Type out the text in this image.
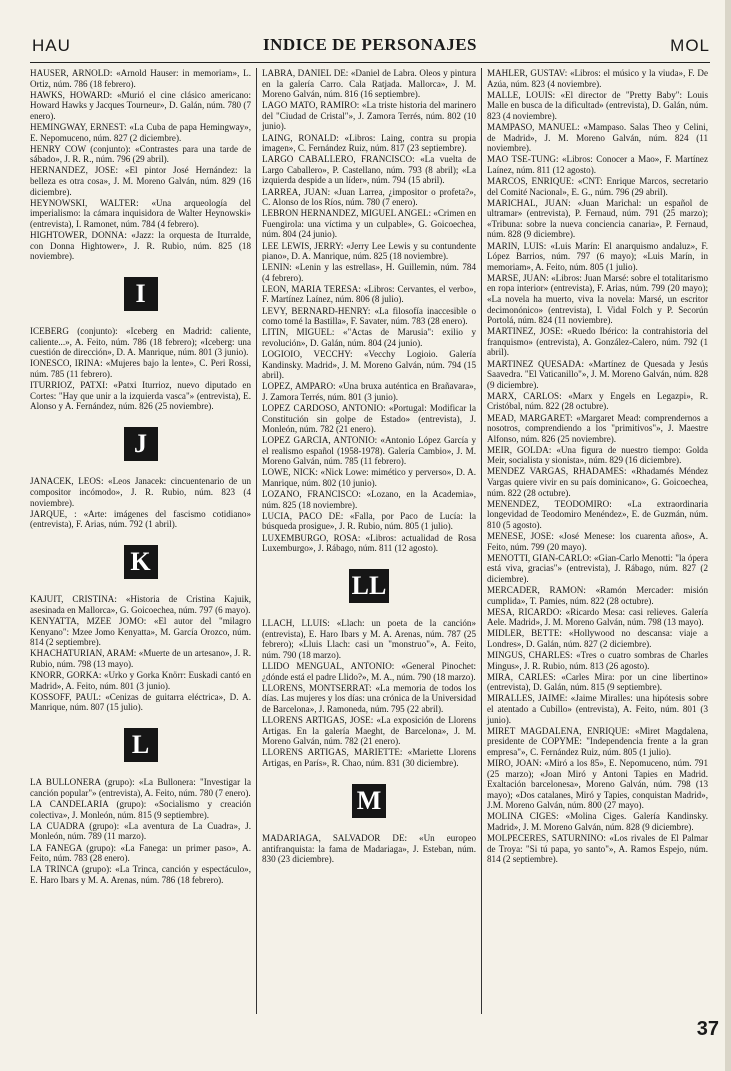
HAU	INDICE DE PERSONAJES	MOL
HAUSER, ARNOLD: «Arnold Hauser: in memoriam», L. Ortiz, núm. 786 (18 febrero).
HAWKS, HOWARD: «Murió el cine clásico americano: Howard Hawks y Jacques Tourneur», D. Galán, núm. 780 (7 enero).
HEMINGWAY, ERNEST: «La Cuba de papa Hemingway», E. Nepomuceno, núm. 827 (2 diciembre).
HENRY COW (conjunto): «Contrastes para una tarde de sábado», J. R. R., núm. 796 (29 abril).
HERNANDEZ, JOSE: «El pintor José Hernández: la belleza es otra cosa», J. M. Moreno Galván, núm. 829 (16 diciembre).
HEYNOWSKI, WALTER: «Una arqueología del imperialismo: la cámara inquisidora de Walter Heynowski» (entrevista), I. Ramonet, núm. 784 (4 febrero).
HIGHTOWER, DONNA: «Jazz: la orquesta de Iturralde, con Donna Hightower», J. R. Rubio, núm. 825 (18 noviembre).
I
ICEBERG (conjunto): «Iceberg en Madrid: caliente, caliente...», A. Feito, núm. 786 (18 febrero); «Iceberg: una cuestión de dirección», D. A. Manrique, núm. 801 (3 junio).
IONESCO, IRINA: «Mujeres bajo la lente», C. Peri Rossi, núm. 785 (11 febrero).
ITURRIOZ, PATXI: «Patxi Iturrioz, nuevo diputado en Cortes: "Hay que unir a la izquierda vasca"» (entrevista), E. Alonso y A. Fernández, núm. 826 (25 noviembre).
J
JANACEK, LEOS: «Leos Janacek: cincuentenario de un compositor incómodo», J. R. Rubio, núm. 823 (4 noviembre).
JARQUE, : «Arte: imágenes del fascismo cotidiano» (entrevista), F. Arias, núm. 792 (1 abril).
K
KAJUIT, CRISTINA: «Historia de Cristina Kajuik, asesinada en Mallorca», G. Goicoechea, núm. 797 (6 mayo).
KENYATTA, MZEE JOMO: «El autor del "milagro Kenyano": Mzee Jomo Kenyatta», M. García Orozco, núm. 814 (2 septiembre).
KHACHATURIAN, ARAM: «Muerte de un artesano», J. R. Rubio, núm. 798 (13 mayo).
KNORR, GORKA: «Urko y Gorka Knörr: Euskadi cantó en Madrid», A. Feito, núm. 801 (3 junio).
KOSSOFF, PAUL: «Cenizas de guitarra eléctrica», D. A. Manrique, núm. 807 (15 julio).
L
LA BULLONERA (grupo): «La Bullonera: "Investigar la canción popular"» (entrevista), A. Feito, núm. 780 (7 enero).
LA CANDELARIA (grupo): «Socialismo y creación colectiva», J. Monleón, núm. 815 (9 septiembre).
LA CUADRA (grupo): «La aventura de La Cuadra», J. Monleón, núm. 789 (11 marzo).
LA FANEGA (grupo): «La Fanega: un primer paso», A. Feito, núm. 783 (28 enero).
LA TRINCA (grupo): «La Trinca, canción y espectáculo», E. Haro Ibars y M. A. Arenas, núm. 786 (18 febrero).
LABRA, DANIEL DE: «Daniel de Labra. Oleos y pintura en la galería Carro. Cala Ratjada. Mallorca», J. M. Moreno Galván, núm. 816 (16 septiembre).
LAGO MATO, RAMIRO: «La triste historia del marinero del "Ciudad de Cristal"», J. Zamora Terrés, núm. 802 (10 junio).
LAING, RONALD: «Libros: Laing, contra su propia imagen», C. Fernández Ruiz, núm. 817 (23 septiembre).
LARGO CABALLERO, FRANCISCO: «La vuelta de Largo Caballero», P. Castellano, núm. 793 (8 abril); «La izquierda despide a un líder», núm. 794 (15 abril).
LARREA, JUAN: «Juan Larrea, ¿impositor o profeta?», C. Alonso de los Ríos, núm. 780 (7 enero).
LEBRON HERNANDEZ, MIGUEL ANGEL: «Crimen en Fuengirola: una víctima y un culpable», G. Goicoechea, núm. 804 (24 junio).
LEE LEWIS, JERRY: «Jerry Lee Lewis y su contundente piano», D. A. Manrique, núm. 825 (18 noviembre).
LENIN: «Lenin y las estrellas», H. Guillemin, núm. 784 (4 febrero).
LEON, MARIA TERESA: «Libros: Cervantes, el verbo», F. Martínez Laínez, núm. 806 (8 julio).
LEVY, BERNARD-HENRY: «La filosofía inaccesible o como tomé la Bastilla», F. Savater, núm. 783 (28 enero).
LITIN, MIGUEL: «"Actas de Marusia": exilio y revolución», D. Galán, núm. 804 (24 junio).
LOGIOIO, VECCHY: «Vecchy Logioio. Galería Kandinsky. Madrid», J. M. Moreno Galván, núm. 794 (15 abril).
LOPEZ, AMPARO: «Una bruxa auténtica en Brañavara», J. Zamora Terrés, núm. 801 (3 junio).
LOPEZ CARDOSO, ANTONIO: «Portugal: Modificar la Constitución sin golpe de Estado» (entrevista), J. Monleón, núm. 782 (21 enero).
LOPEZ GARCIA, ANTONIO: «Antonio López García y el realismo español (1958-1978). Galería Cambio», J. M. Moreno Galván, núm. 785 (11 febrero).
LOWE, NICK: «Nick Lowe: mimético y perverso», D. A. Manrique, núm. 802 (10 junio).
LOZANO, FRANCISCO: «Lozano, en la Academia», núm. 825 (18 noviembre).
LUCIA, PACO DE: «Falla, por Paco de Lucía: la búsqueda prosigue», J. R. Rubio, núm. 805 (1 julio).
LUXEMBURGO, ROSA: «Libros: actualidad de Rosa Luxemburgo», J. Rábago, núm. 811 (12 agosto).
LL
LLACH, LLUIS: «Llach: un poeta de la canción» (entrevista), E. Haro Ibars y M. A. Arenas, núm. 787 (25 febrero); «Lluis Llach: casi un "monstruo"», A. Feito, núm. 790 (18 marzo).
LLIDO MENGUAL, ANTONIO: «General Pinochet: ¿dónde está el padre Llido?», M. A., núm. 790 (18 marzo).
LLORENS, MONTSERRAT: «La memoria de todos los días. Las mujeres y los días: una crónica de la Universidad de Barcelona», J. Ramoneda, núm. 795 (22 abril).
LLORENS ARTIGAS, JOSE: «La exposición de Llorens Artigas. En la galería Maeght, de Barcelona», J. M. Moreno Galván, núm. 782 (21 enero).
LLORENS ARTIGAS, MARIETTE: «Mariette Llorens Artigas, en París», R. Chao, núm. 831 (30 diciembre).
M
MADARIAGA, SALVADOR DE: «Un europeo antifranquista: la fama de Madariaga», J. Esteban, núm. 830 (23 diciembre).
MAHLER, GUSTAV: «Libros: el músico y la viuda», F. De Azúa, núm. 823 (4 noviembre).
MALLE, LOUIS: «El director de "Pretty Baby": Louis Malle en busca de la dificultad» (entrevista), D. Galán, núm. 823 (4 noviembre).
MAMPASO, MANUEL: «Mampaso. Salas Theo y Celini, de Madrid», J. M. Moreno Galván, núm. 824 (11 noviembre).
MAO TSE-TUNG: «Libros: Conocer a Mao», F. Martínez Laínez, núm. 811 (12 agosto).
MARCOS, ENRIQUE: «CNT: Enrique Marcos, secretario del Comité Nacional», E. G., núm. 796 (29 abril).
MARICHAL, JUAN: «Juan Marichal: un español de ultramar» (entrevista), P. Fernaud, núm. 791 (25 marzo); «Tribuna: sobre la nueva conciencia canaria», P. Fernaud, núm. 828 (9 diciembre).
MARIN, LUIS: «Luis Marín: El anarquismo andaluz», F. López Barrios, núm. 797 (6 mayo); «Luis Marín, in memoriam», A. Feito, núm. 805 (1 julio).
MARSE, JUAN: «Libros: Juan Marsé: sobre el totalitarismo en ropa interior» (entrevista), F. Arias, núm. 799 (20 mayo); «La novela ha muerto, viva la novela: Marsé, un escritor decimonónico» (entrevista), I. Vidal Folch y P. Secorún Portolá, núm. 824 (11 noviembre).
MARTINEZ, JOSE: «Ruedo Ibérico: la contrahistoria del franquismo» (entrevista), A. González-Calero, núm. 792 (1 abril).
MARTINEZ QUESADA: «Martínez de Quesada y Jesús Saavedra. "El Vaticanillo"», J. M. Moreno Galván, núm. 828 (9 diciembre).
MARX, CARLOS: «Marx y Engels en Legazpi», R. Cristóbal, núm. 822 (28 octubre).
MEAD, MARGARET: «Margaret Mead: comprendernos a nosotros, comprendiendo a los "primitivos"», J. Maestre Alfonso, núm. 826 (25 noviembre).
MEIR, GOLDA: «Una figura de nuestro tiempo: Golda Meir, socialista y sionista», núm. 829 (16 diciembre).
MENDEZ VARGAS, RHADAMES: «Rhadamés Méndez Vargas quiere vivir en su país dominicano», G. Goicoechea, núm. 822 (28 octubre).
MENENDEZ, TEODOMIRO: «La extraordinaria longevidad de Teodomiro Menéndez», E. de Guzmán, núm. 810 (5 agosto).
MENESE, JOSE: «José Menese: los cuarenta años», A. Feito, núm. 799 (20 mayo).
MENOTTI, GIAN-CARLO: «Gian-Carlo Menotti: "la ópera está viva, gracias"» (entrevista), J. Rábago, núm. 827 (2 diciembre).
MERCADER, RAMON: «Ramón Mercader: misión cumplida», T. Pamies, núm. 822 (28 octubre).
MESA, RICARDO: «Ricardo Mesa: casi relieves. Galería Aele. Madrid», J. M. Moreno Galván, núm. 798 (13 mayo).
MIDLER, BETTE: «Hollywood no descansa: viaje a Londres», D. Galán, núm. 827 (2 diciembre).
MINGUS, CHARLES: «Tres o cuatro sombras de Charles Mingus», J. R. Rubio, núm. 813 (26 agosto).
MIRA, CARLES: «Carles Mira: por un cine libertino» (entrevista), D. Galán, núm. 815 (9 septiembre).
MIRALLES, JAIME: «Jaime Miralles: una hipótesis sobre el atentado a Cubillo» (entrevista), A. Feito, núm. 801 (3 junio).
MIRET MAGDALENA, ENRIQUE: «Miret Magdalena, presidente de COPYME: "Independencia frente a la gran empresa"», C. Fernández Ruiz, núm. 805 (1 julio).
MIRO, JOAN: «Miró a los 85», E. Nepomuceno, núm. 791 (25 marzo); «Joan Miró y Antoni Tapies en Madrid. Exaltación barcelonesa», Moreno Galván, núm. 798 (13 mayo); «Dos catalanes, Miró y Tapies, conquistan Madrid», J.M. Moreno Galván, núm. 800 (27 mayo).
MOLINA CIGES: «Molina Ciges. Galería Kandinsky. Madrid», J. M. Moreno Galván, núm. 828 (9 diciembre).
MOLPECERES, SATURNINO: «Los rivales de El Palmar de Troya: "Si tú papa, yo santo"», A. Ramos Espejo, núm. 814 (2 septiembre).
37
